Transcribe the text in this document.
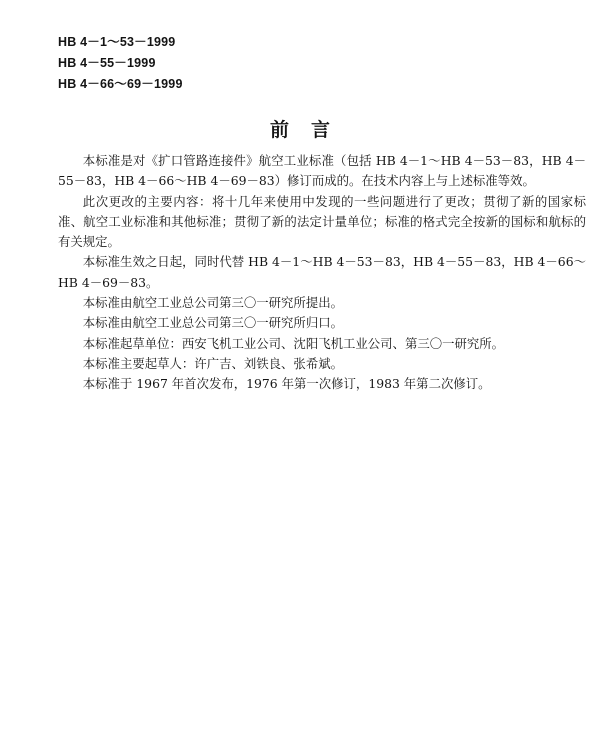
HB 4－1～53－1999
HB 4－55－1999
HB 4－66～69－1999
前言

本标准是对《扩口管路连接件》航空工业标准（包括 HB 4－1～HB 4－53－83，HB 4－55－83，HB 4－66～HB 4－69－83）修订而成的。在技术内容上与上述标准等效。

此次更改的主要内容：将十几年来使用中发现的一些问题进行了更改；贯彻了新的国家标准、航空工业标准和其他标准；贯彻了新的法定计量单位；标准的格式完全按新的国标和航标的有关规定。

本标准生效之日起，同时代替 HB 4－1～HB 4－53－83，HB 4－55－83，HB 4－66～HB 4－69－83。

本标准由航空工业总公司第三〇一研究所提出。

本标准由航空工业总公司第三〇一研究所归口。

本标准起草单位：西安飞机工业公司、沈阳飞机工业公司、第三〇一研究所。

本标准主要起草人：许广吉、刘铁良、张希斌。

本标准于 1967 年首次发布，1976 年第一次修订，1983 年第二次修订。
